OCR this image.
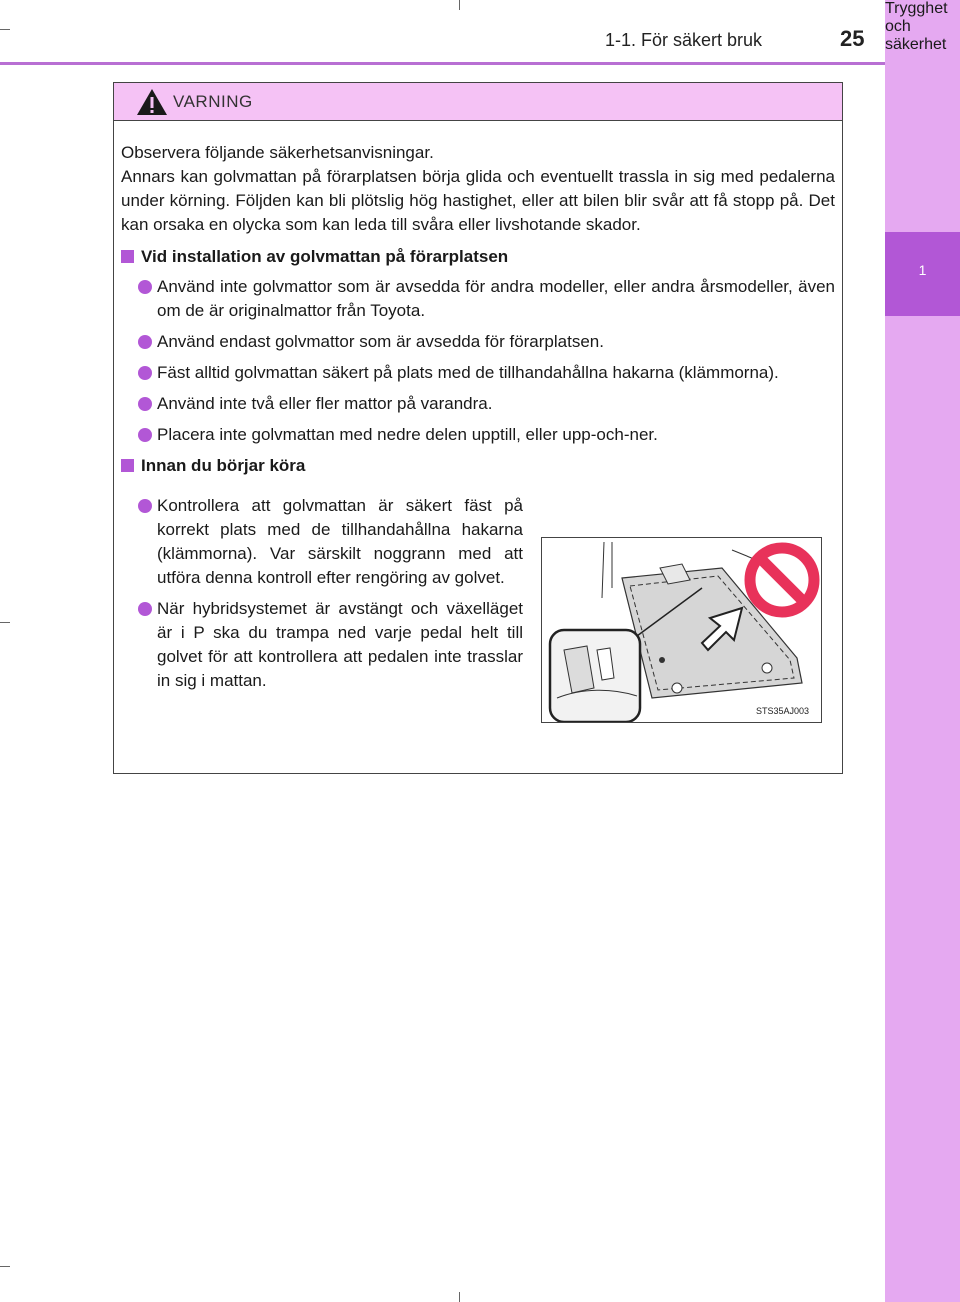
1-1. För säkert bruk	25
1
Trygghet och säkerhet
VARNING

Observera följande säkerhetsanvisningar.

Annars kan golvmattan på förarplatsen börja glida och eventuellt trassla in sig med pedalerna under körning. Följden kan bli plötslig hög hastighet, eller att bilen blir svår att få stopp på. Det kan orsaka en olycka som kan leda till svåra eller livshotande skador.

Vid installation av golvmattan på förarplatsen
Använd inte golvmattor som är avsedda för andra modeller, eller andra årsmodeller, även om de är originalmattor från Toyota.
Använd endast golvmattor som är avsedda för förarplatsen.
Fäst alltid golvmattan säkert på plats med de tillhandahållna hakarna (klämmorna).
Använd inte två eller fler mattor på varandra.
Placera inte golvmattan med nedre delen upptill, eller upp-och-ner.
Innan du börjar köra
Kontrollera att golvmattan är säkert fäst på korrekt plats med de tillhandahållna hakarna (klämmorna). Var särskilt noggrann med att utföra denna kontroll efter rengöring av golvet.
När hybridsystemet är avstängt och växelläget är i P ska du trampa ned varje pedal helt till golvet för att kontrollera att pedalen inte trasslar in sig i mattan.
STS35AJ003
